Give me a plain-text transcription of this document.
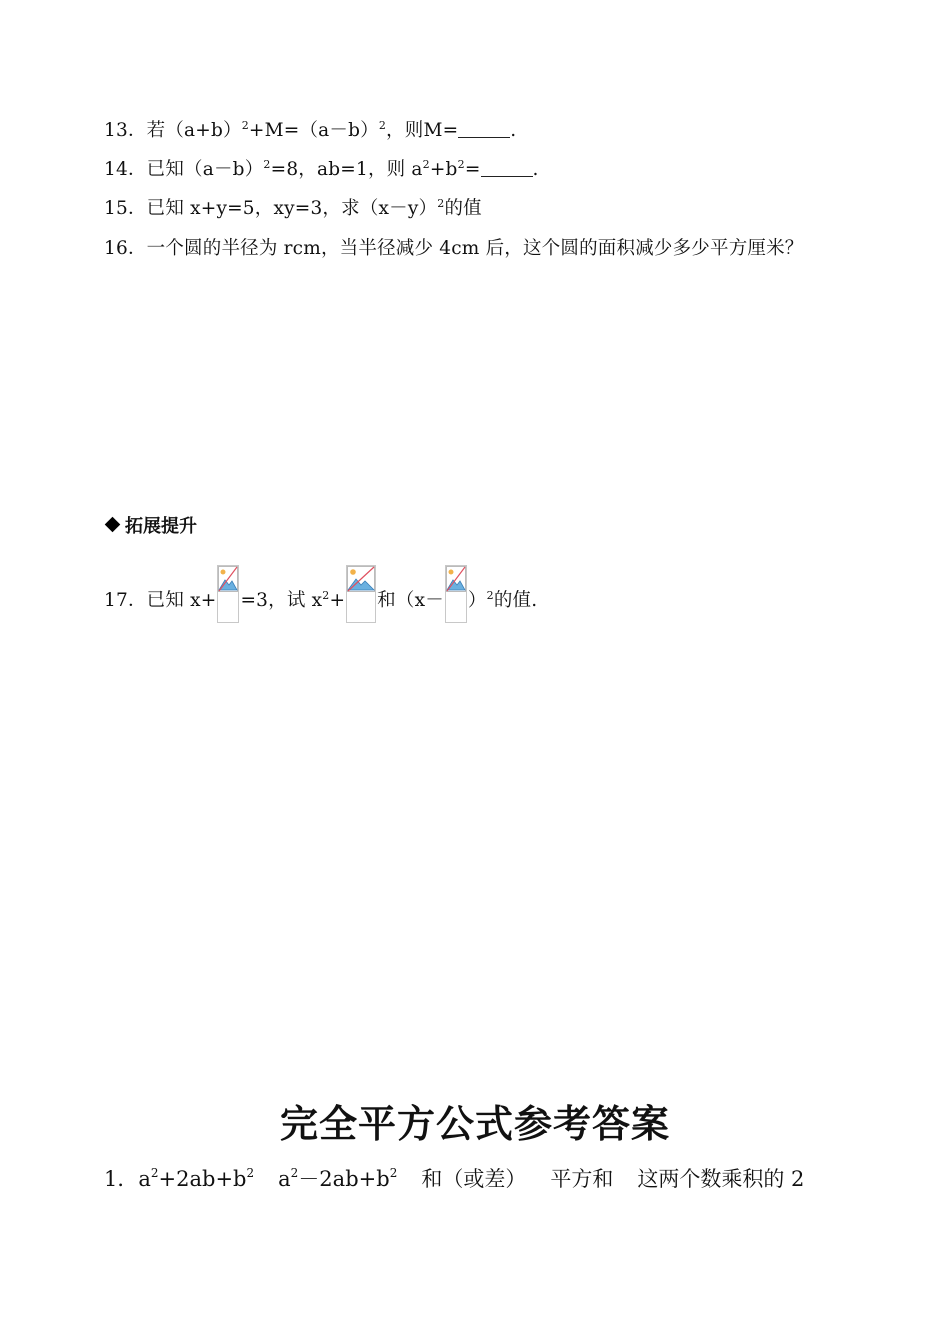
13．若$(a+b)^2+M=(a-b)^2$，则M=	.
14．已知$(a-b)^2=8$，ab=1，则 $a^2+b^2=$	.
15．已知 x+y=5，xy=3，求$(x-y)^2$的值
16．一个圆的半径为 rcm，当半径减少 4cm 后，这个圆的面积减少多少平方厘米？
拓展提升
17．已知 x+
=3，试 $x^2+$
和（x－
）$^2$的值.
完全平方公式参考答案
1．$a^2+2ab+b^2$ $a^2-2ab+b^2$ 和（或差） 平方和 这两个数乘积的 2
